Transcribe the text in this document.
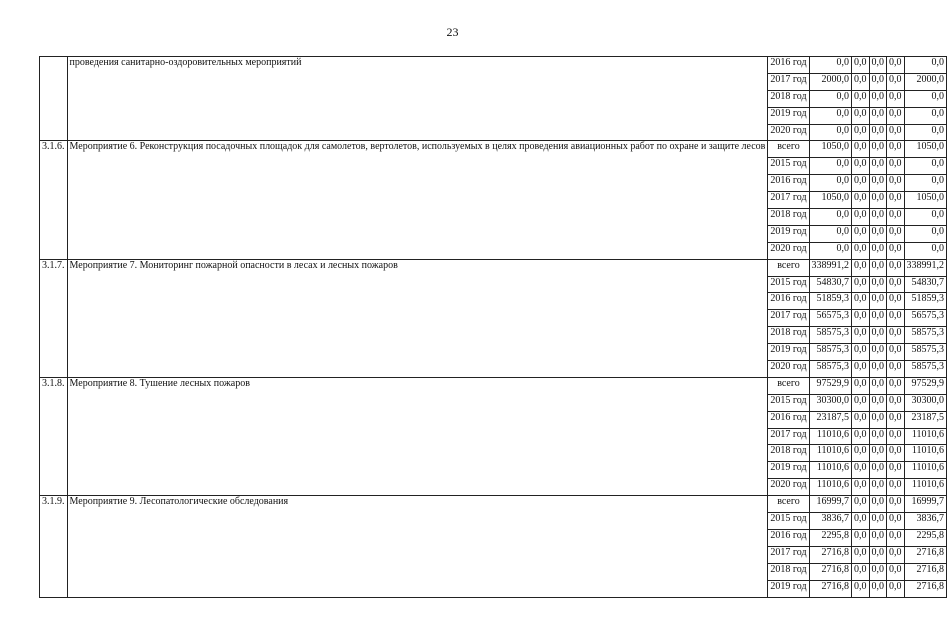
23
	проведения санитарно-оздоровительных мероприятий	2016 год	0,0	0,0	0,0	0,0	0,0
		2017 год	2000,0	0,0	0,0	0,0	2000,0
		2018 год	0,0	0,0	0,0	0,0	0,0
		2019 год	0,0	0,0	0,0	0,0	0,0
		2020 год	0,0	0,0	0,0	0,0	0,0
3.1.6.	Мероприятие 6. Реконструкция посадочных площадок для самолетов, вертолетов, используемых в целях проведения авиационных работ по охране и защите лесов	всего	1050,0	0,0	0,0	0,0	1050,0
		2015 год	0,0	0,0	0,0	0,0	0,0
		2016 год	0,0	0,0	0,0	0,0	0,0
		2017 год	1050,0	0,0	0,0	0,0	1050,0
		2018 год	0,0	0,0	0,0	0,0	0,0
		2019 год	0,0	0,0	0,0	0,0	0,0
		2020 год	0,0	0,0	0,0	0,0	0,0
3.1.7.	Мероприятие 7. Мониторинг пожарной опасности в лесах и лесных пожаров	всего	338991,2	0,0	0,0	0,0	338991,2
		2015 год	54830,7	0,0	0,0	0,0	54830,7
		2016 год	51859,3	0,0	0,0	0,0	51859,3
		2017 год	56575,3	0,0	0,0	0,0	56575,3
		2018 год	58575,3	0,0	0,0	0,0	58575,3
		2019 год	58575,3	0,0	0,0	0,0	58575,3
		2020 год	58575,3	0,0	0,0	0,0	58575,3
3.1.8.	Мероприятие 8. Тушение лесных пожаров	всего	97529,9	0,0	0,0	0,0	97529,9
		2015 год	30300,0	0,0	0,0	0,0	30300,0
		2016 год	23187,5	0,0	0,0	0,0	23187,5
		2017 год	11010,6	0,0	0,0	0,0	11010,6
		2018 год	11010,6	0,0	0,0	0,0	11010,6
		2019 год	11010,6	0,0	0,0	0,0	11010,6
		2020 год	11010,6	0,0	0,0	0,0	11010,6
3.1.9.	Мероприятие 9. Лесопатологические обследования	всего	16999,7	0,0	0,0	0,0	16999,7
		2015 год	3836,7	0,0	0,0	0,0	3836,7
		2016 год	2295,8	0,0	0,0	0,0	2295,8
		2017 год	2716,8	0,0	0,0	0,0	2716,8
		2018 год	2716,8	0,0	0,0	0,0	2716,8
		2019 год	2716,8	0,0	0,0	0,0	2716,8
